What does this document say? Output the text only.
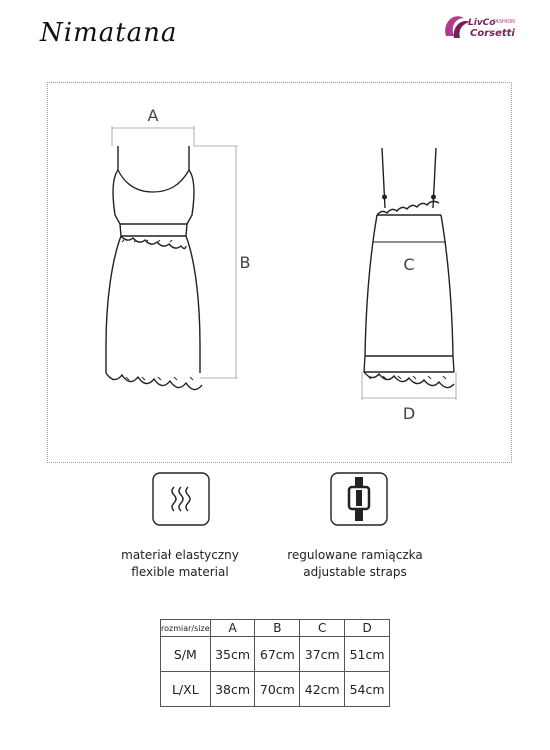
Nimatana	LivCo
FASHION
Corsetti
A
B	C
D
materiał elastyczny
flexible material
regulowane ramiączka
adjustable straps
rozmiar/size	A	B	C	D
S/M	35cm	67cm	37cm	51cm
L/XL	38cm	70cm	42cm	54cm
